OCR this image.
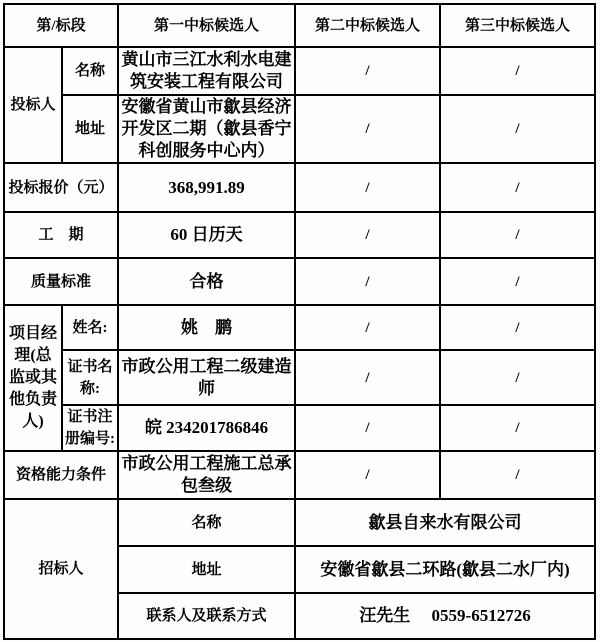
第/标段		第一中标候选人	第二中标候选人	第三中标候选人
投标人	名称	黄山市三江水利水电建筑安装工程有限公司	/	/
	地址	安徽省黄山市歙县经济开发区二期（歙县香宁科创服务中心内）	/	/
投标报价（元）		368,991.89	/	/
工　期		60 日历天	/	/
质量标准		合格	/	/
项目经理(总监或其他负责人)	姓名:	姚　鹏	/	/
	证书名称:	市政公用工程二级建造师	/	/
	证书注册编号:	皖 234201786846	/	/
资格能力条件		市政公用工程施工总承包叁级	/	/
招标人		名称	歙县自来水有限公司	
		地址	安徽省歙县二环路(歙县二水厂内)	
		联系人及联系方式	汪先生　 0559-6512726	
